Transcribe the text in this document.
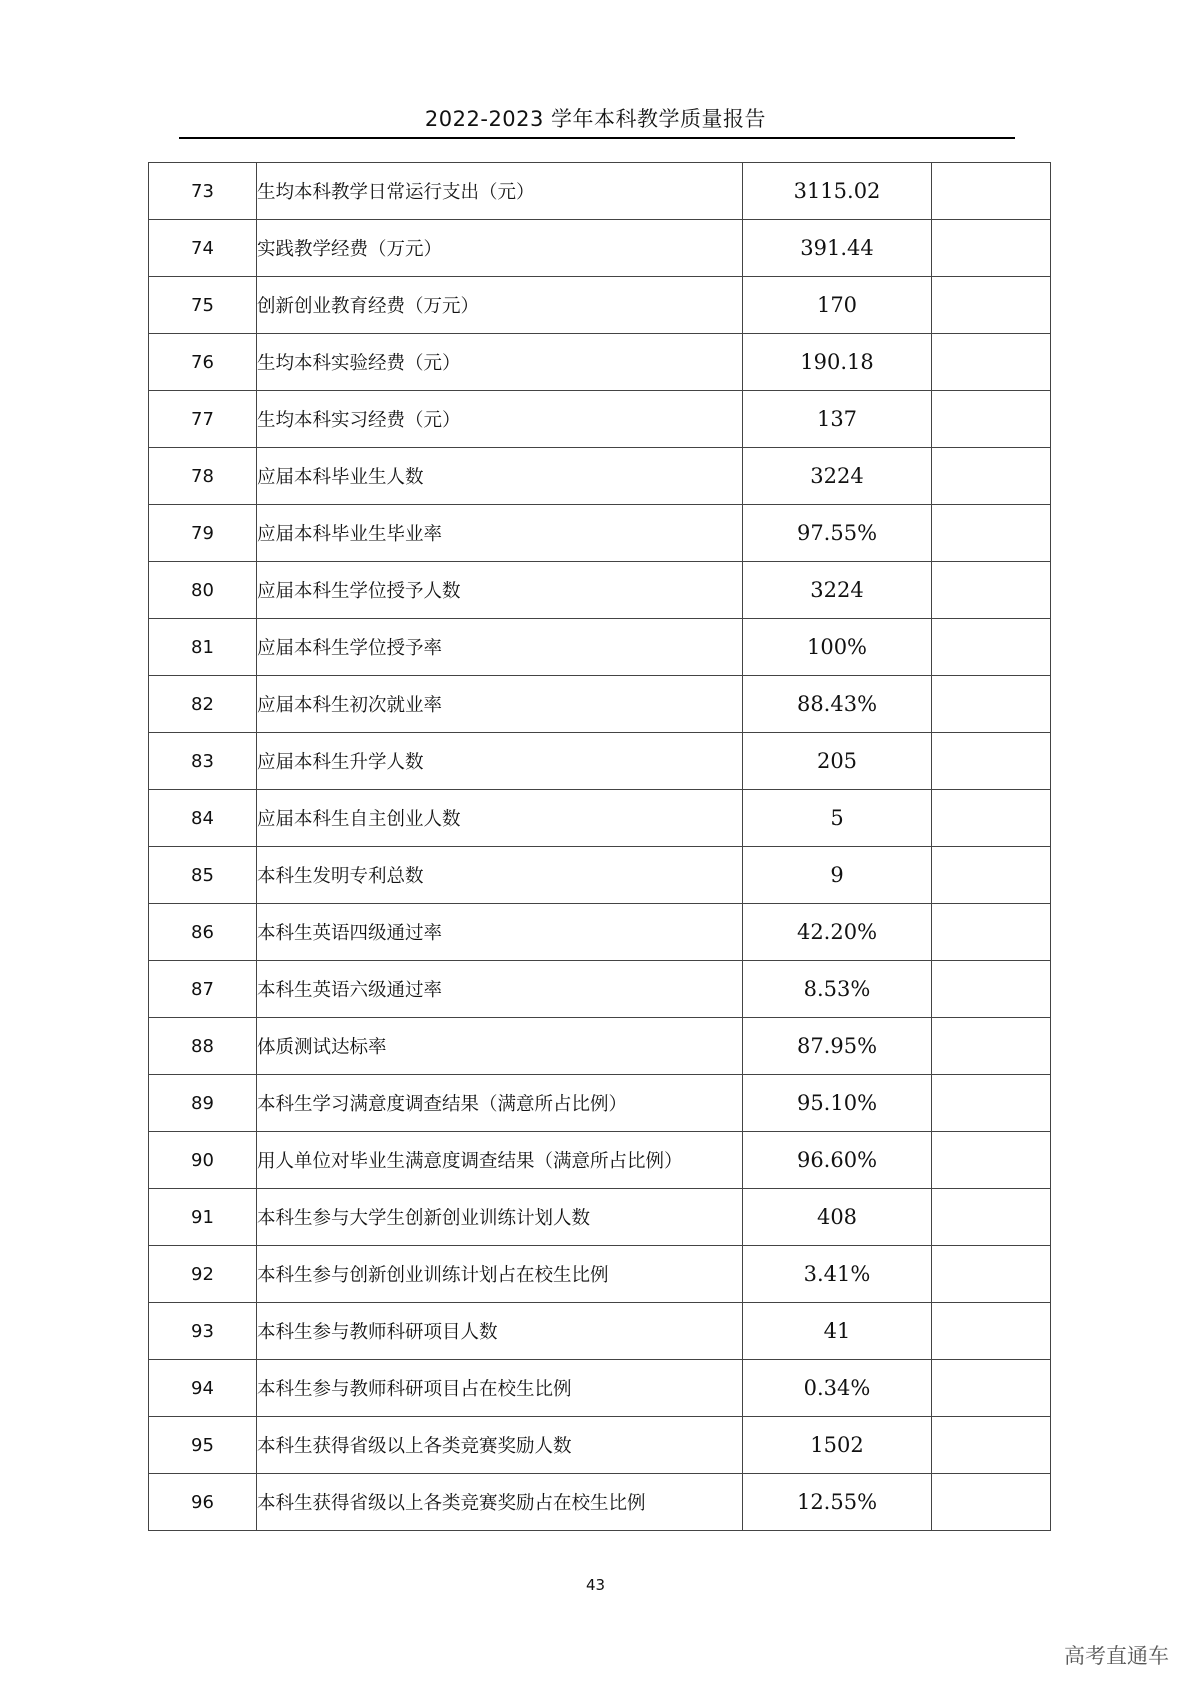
2022-2023 学年本科教学质量报告
73	生均本科教学日常运行支出（元）	3115.02	
74	实践教学经费（万元）	391.44	
75	创新创业教育经费（万元）	170	
76	生均本科实验经费（元）	190.18	
77	生均本科实习经费（元）	137	
78	应届本科毕业生人数	3224	
79	应届本科毕业生毕业率	97.55%	
80	应届本科生学位授予人数	3224	
81	应届本科生学位授予率	100%	
82	应届本科生初次就业率	88.43%	
83	应届本科生升学人数	205	
84	应届本科生自主创业人数	5	
85	本科生发明专利总数	9	
86	本科生英语四级通过率	42.20%	
87	本科生英语六级通过率	8.53%	
88	体质测试达标率	87.95%	
89	本科生学习满意度调查结果（满意所占比例）	95.10%	
90	用人单位对毕业生满意度调查结果（满意所占比例）	96.60%	
91	本科生参与大学生创新创业训练计划人数	408	
92	本科生参与创新创业训练计划占在校生比例	3.41%	
93	本科生参与教师科研项目人数	41	
94	本科生参与教师科研项目占在校生比例	0.34%	
95	本科生获得省级以上各类竞赛奖励人数	1502	
96	本科生获得省级以上各类竞赛奖励占在校生比例	12.55%	
43
高考直通车
